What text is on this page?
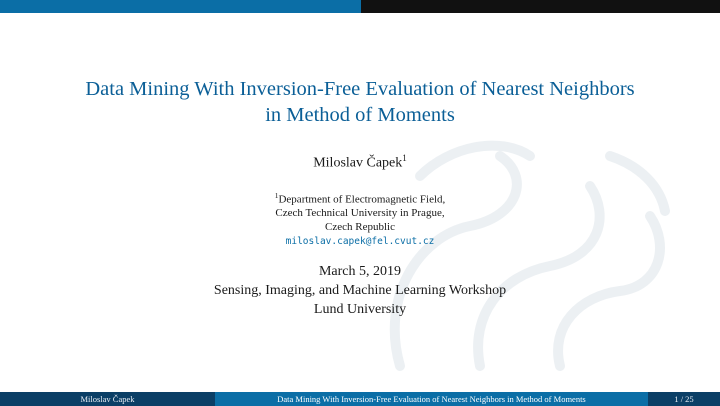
Data Mining With Inversion-Free Evaluation of Nearest Neighbors
in Method of Moments
Miloslav Čapek$^1$
$^1$Department of Electromagnetic Field,
Czech Technical University in Prague,
Czech Republic
miloslav.capek@fel.cvut.cz
March 5, 2019
Sensing, Imaging, and Machine Learning Workshop
Lund University
Miloslav Čapek	Data Mining With Inversion-Free Evaluation of Nearest Neighbors in Method of Moments	1 / 25
